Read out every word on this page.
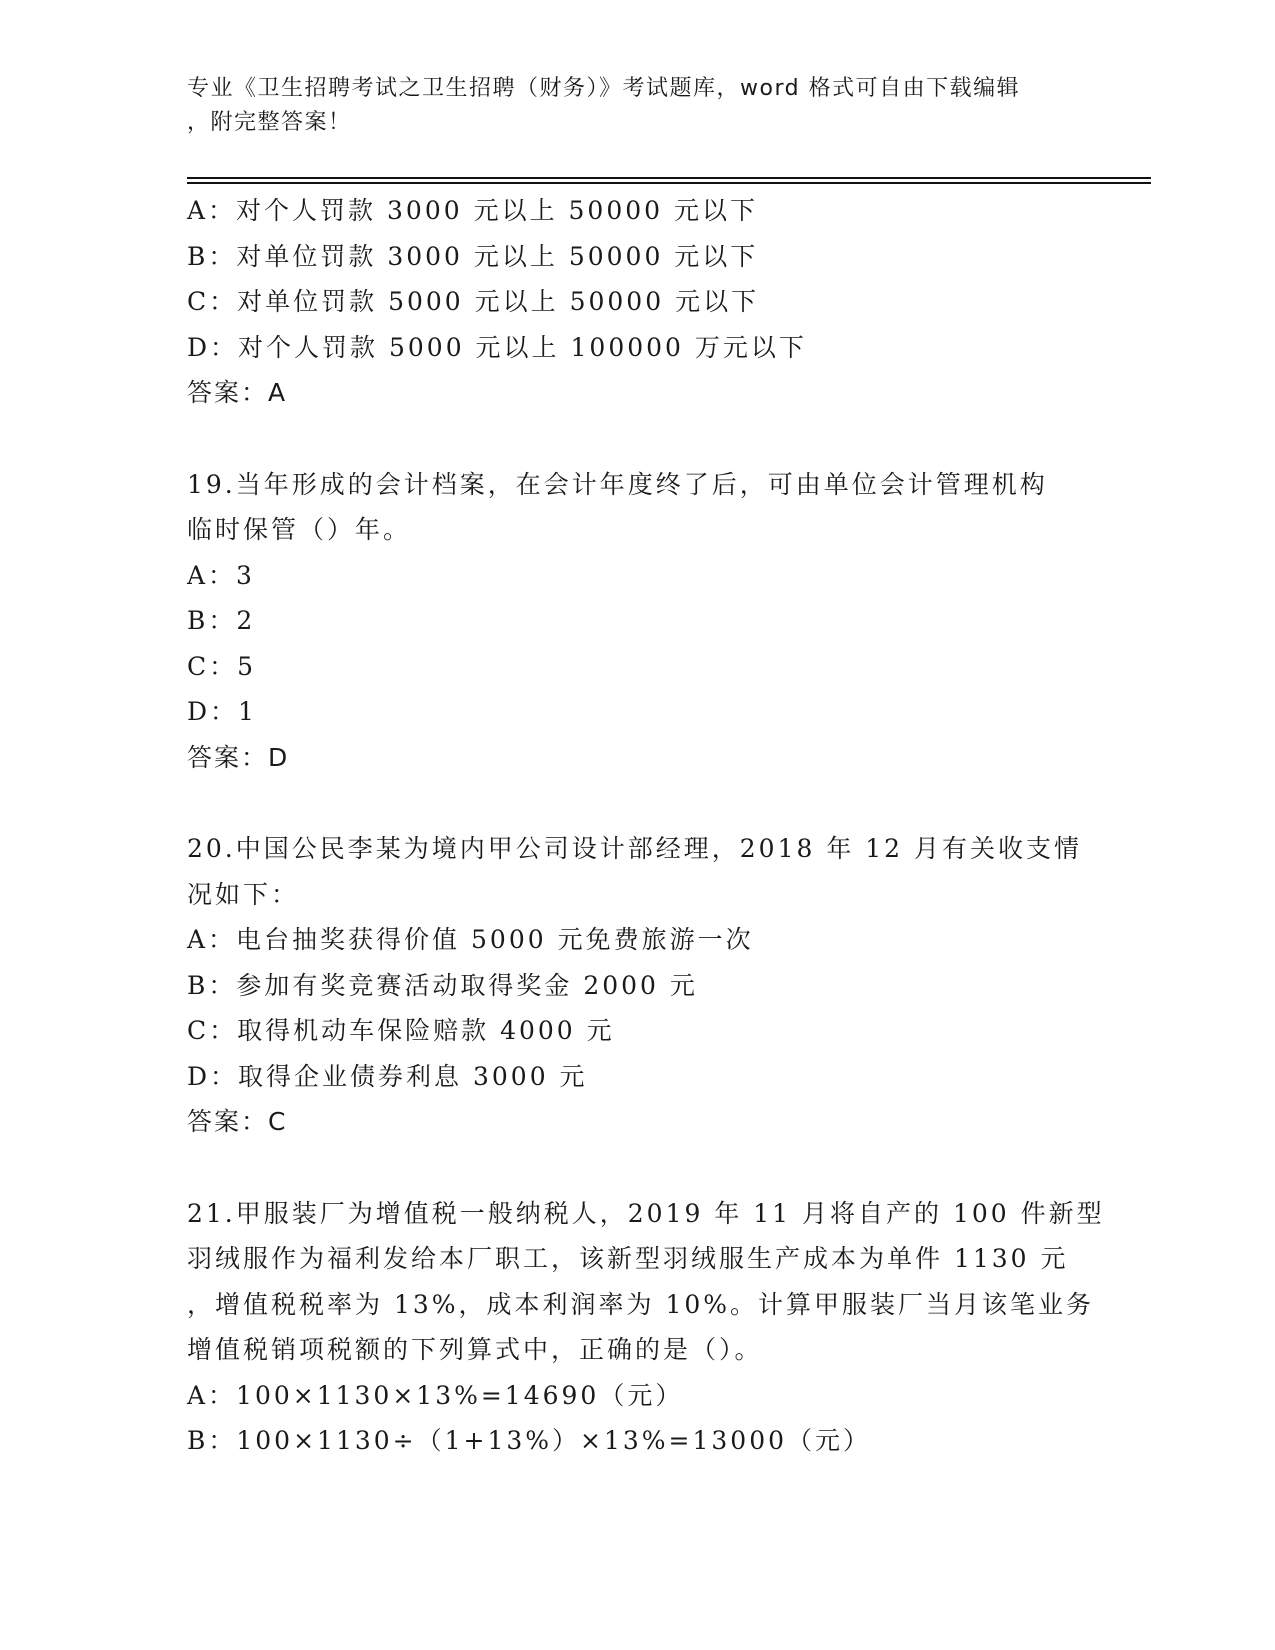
专业《卫生招聘考试之卫生招聘（财务）》考试题库，word 格式可自由下载编辑
，附完整答案！
A：对个人罚款 3000 元以上 50000 元以下
B：对单位罚款 3000 元以上 50000 元以下
C：对单位罚款 5000 元以上 50000 元以下
D：对个人罚款 5000 元以上 100000 万元以下
答案：A
19.当年形成的会计档案，在会计年度终了后，可由单位会计管理机构
临时保管（）年。
A：3
B：2
C：5
D：1
答案：D
20.中国公民李某为境内甲公司设计部经理，2018 年 12 月有关收支情
况如下：
A：电台抽奖获得价值 5000 元免费旅游一次
B：参加有奖竞赛活动取得奖金 2000 元
C：取得机动车保险赔款 4000 元
D：取得企业债券利息 3000 元
答案：C
21.甲服装厂为增值税一般纳税人，2019 年 11 月将自产的 100 件新型
羽绒服作为福利发给本厂职工，该新型羽绒服生产成本为单件 1130 元
，增值税税率为 13%，成本利润率为 10%。计算甲服装厂当月该笔业务
增值税销项税额的下列算式中，正确的是（）。
A：100×1130×13%=14690（元）
B：100×1130÷（1+13%）×13%=13000（元）
